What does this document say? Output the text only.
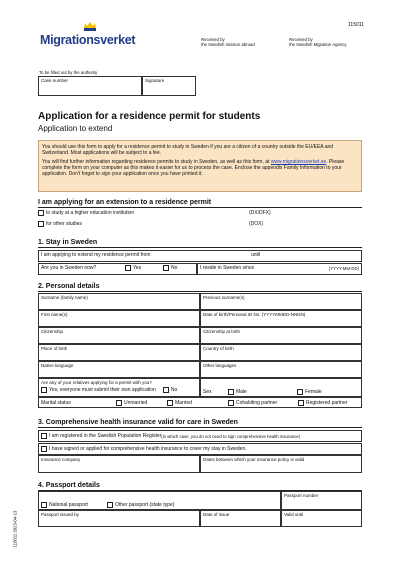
115011
Migrationsverket	Received by
the Swedish mission abroad
Received by
the Swedish Migration Agency
To be filled out by the authority
Case number	Signature
Application for a residence permit for students
Application to extend
You should use this form to apply for a residence permit to study in Sweden if you are a citizen of a country outside the EU/EEA and Switzerland. Most applications will be subject to a fee.
You will find further information regarding residence permits to study in Sweden, as well as this form, at www.migrationsverket.se. Please complete the form on your computer as this makes it easier for us to process the case. Enclose the appendix Family Information to your application. Don't forget to sign your application once you have printed it.
I am applying for an extension to a residence permit
to study at a higher education institution	(DX/DFX)
for other studies	(DOX)
1. Stay in Sweden
I am applying to extend my residence permit from	until
Are you in Sweden now?	Yes	No	I reside in Sweden since	(YYYY-MM-DD)
2. Personal details
Surname (family name)	Previous surname(s)
First name(s)	Date of birth/Personal ID No. (YYYYMMDD-NNNN)
Citizenship	Citizenship at birth
Place of birth	Country of birth
Native language	Other languages
Are any of your relatives applying for a permit with you?
Yes, everyone must submit their own application	No	Sex	Male	Female
Marital status	Unmarried	Married	Cohabiting partner	Registered partner
3. Comprehensive health insurance valid for care in Sweden
I am registered in the Swedish Population Register (in which case, you do not need to sign comprehensive health insurance)
I have signed or applied for comprehensive health insurance to cover my stay in Sweden.
Insurance company	Dates between which your insurance policy is valid
4. Passport details
National passport	Other passport (state type)
Passport number
Passport issued by	Date of issue	Valid until
115011 2023-04-13
